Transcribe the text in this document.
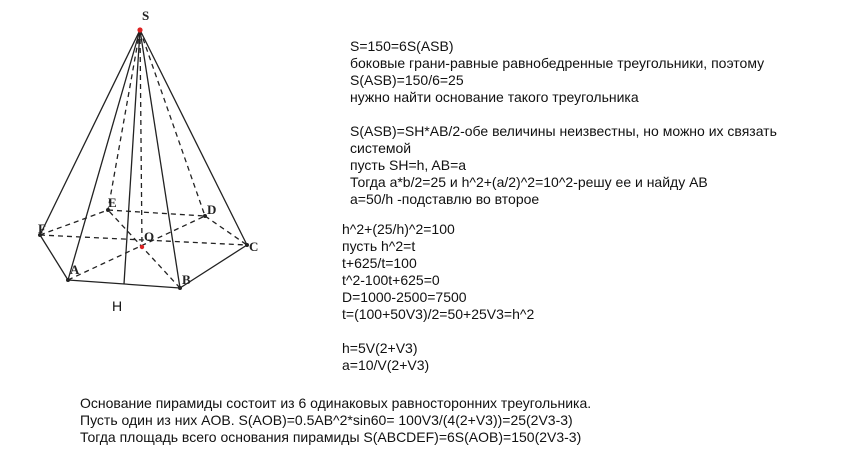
S
E	D
F
O
C
A
B
H
S=150=6S(ASB)
боковые грани-равные равнобедренные треугольники, поэтому
S(ASB)=150/6=25
нужно найти основание такого треугольника
S(ASB)=SH*AB/2-обе величины неизвестны, но можно их связать
системой
пусть SH=h, AB=a
Тогда a*b/2=25 и h^2+(a/2)^2=10^2-решу ее и найду AB
a=50/h -подставлю во второе
h^2+(25/h)^2=100
пусть h^2=t
t+625/t=100
t^2-100t+625=0
D=1000-2500=7500
t=(100+50V3)/2=50+25V3=h^2
h=5V(2+V3)
a=10/V(2+V3)
Основание пирамиды состоит из 6 одинаковых равносторонних треугольника.
Пусть один из них AOB. S(AOB)=0.5AB^2*sin60= 100V3/(4(2+V3))=25(2V3-3)
Тогда площадь всего основания пирамиды S(ABCDEF)=6S(AOB)=150(2V3-3)
